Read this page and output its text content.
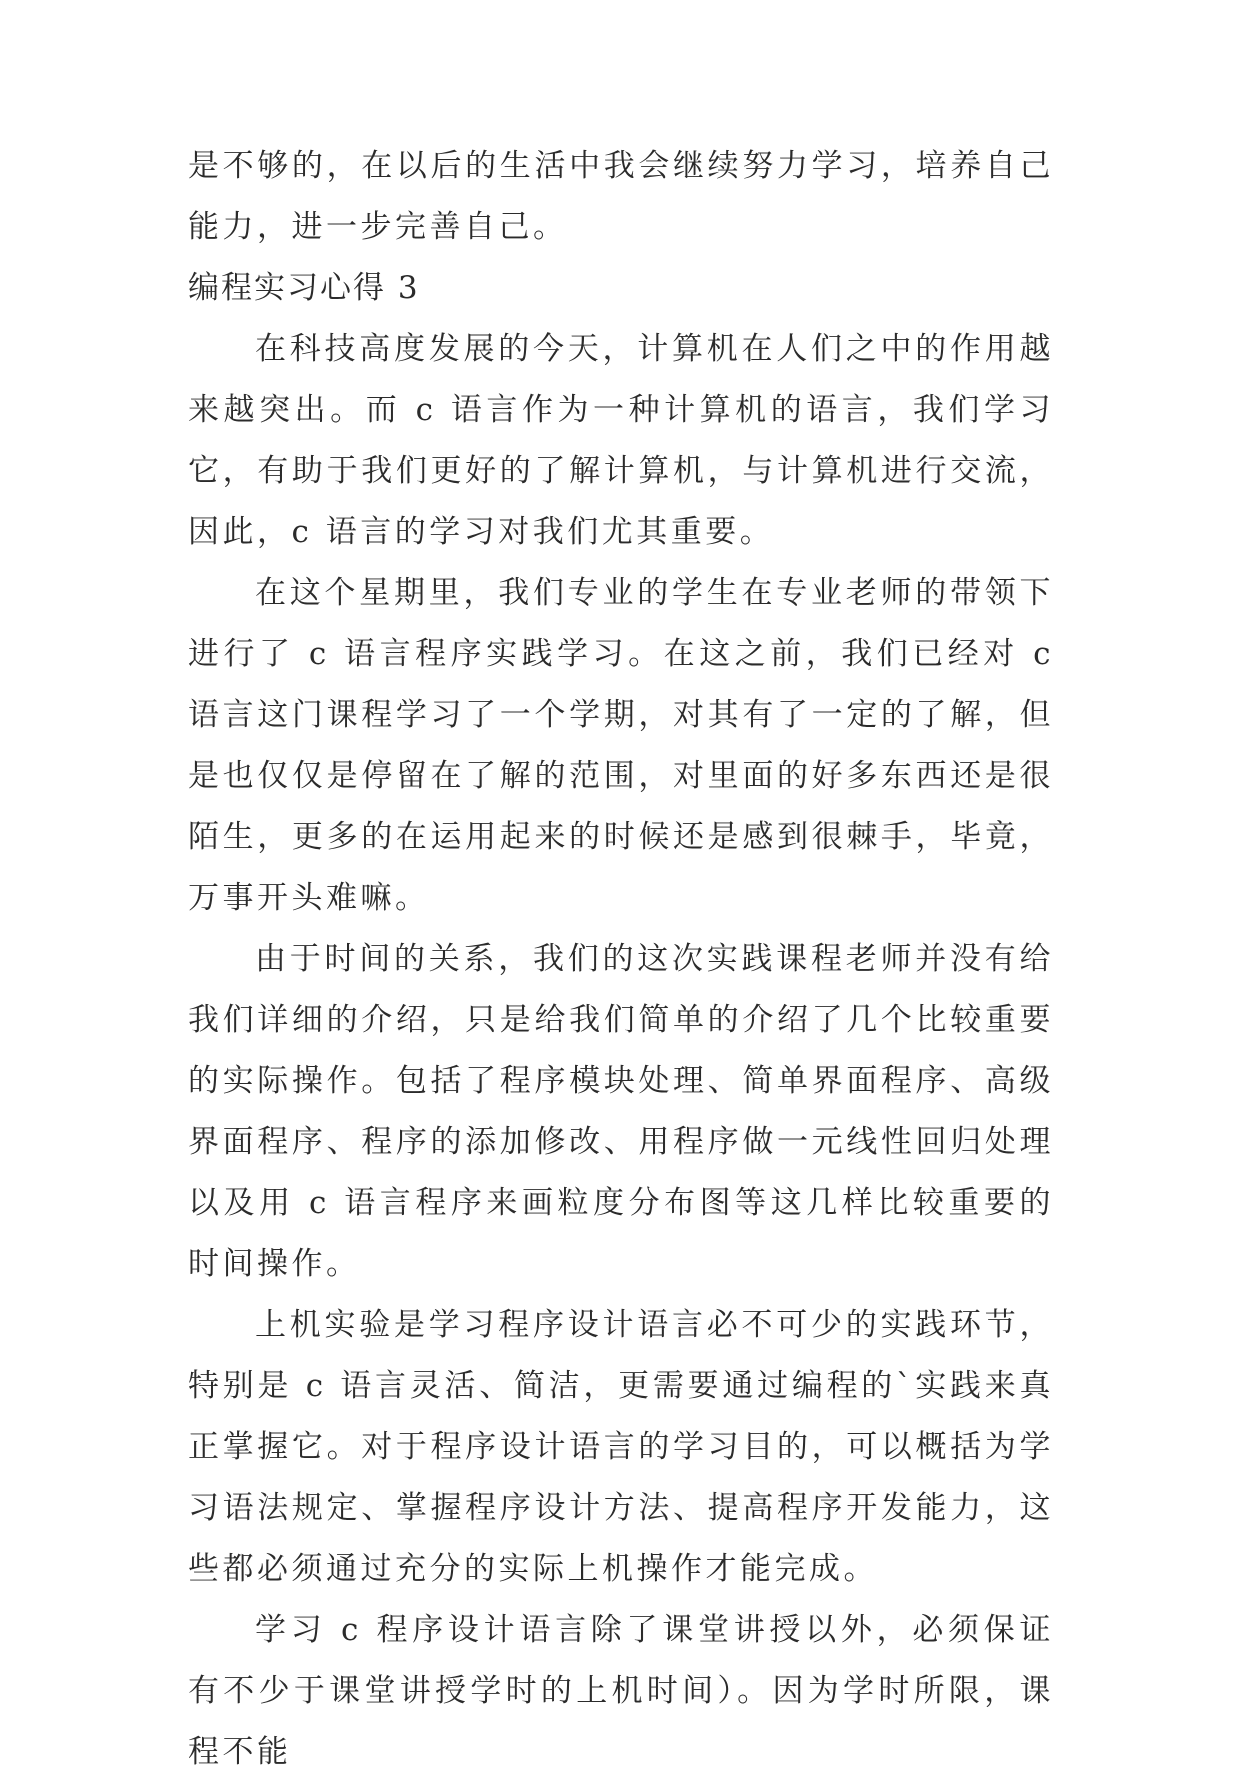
是不够的，在以后的生活中我会继续努力学习，培养自己能力，进一步完善自己。

编程实习心得 3

在科技高度发展的今天，计算机在人们之中的作用越来越突出。而 c 语言作为一种计算机的语言，我们学习它，有助于我们更好的了解计算机，与计算机进行交流，因此，c 语言的学习对我们尤其重要。

在这个星期里，我们专业的学生在专业老师的带领下进行了 c 语言程序实践学习。在这之前，我们已经对 c 语言这门课程学习了一个学期，对其有了一定的了解，但是也仅仅是停留在了解的范围，对里面的好多东西还是很陌生，更多的在运用起来的时候还是感到很棘手，毕竟，万事开头难嘛。

由于时间的关系，我们的这次实践课程老师并没有给我们详细的介绍，只是给我们简单的介绍了几个比较重要的实际操作。包括了程序模块处理、简单界面程序、高级界面程序、程序的添加修改、用程序做一元线性回归处理以及用 c 语言程序来画粒度分布图等这几样比较重要的时间操作。

上机实验是学习程序设计语言必不可少的实践环节，特别是 c 语言灵活、简洁，更需要通过编程的`实践来真正掌握它。对于程序设计语言的学习目的，可以概括为学习语法规定、掌握程序设计方法、提高程序开发能力，这些都必须通过充分的实际上机操作才能完成。

学习 c 程序设计语言除了课堂讲授以外，必须保证有不少于课堂讲授学时的上机时间）。因为学时所限，课程不能
